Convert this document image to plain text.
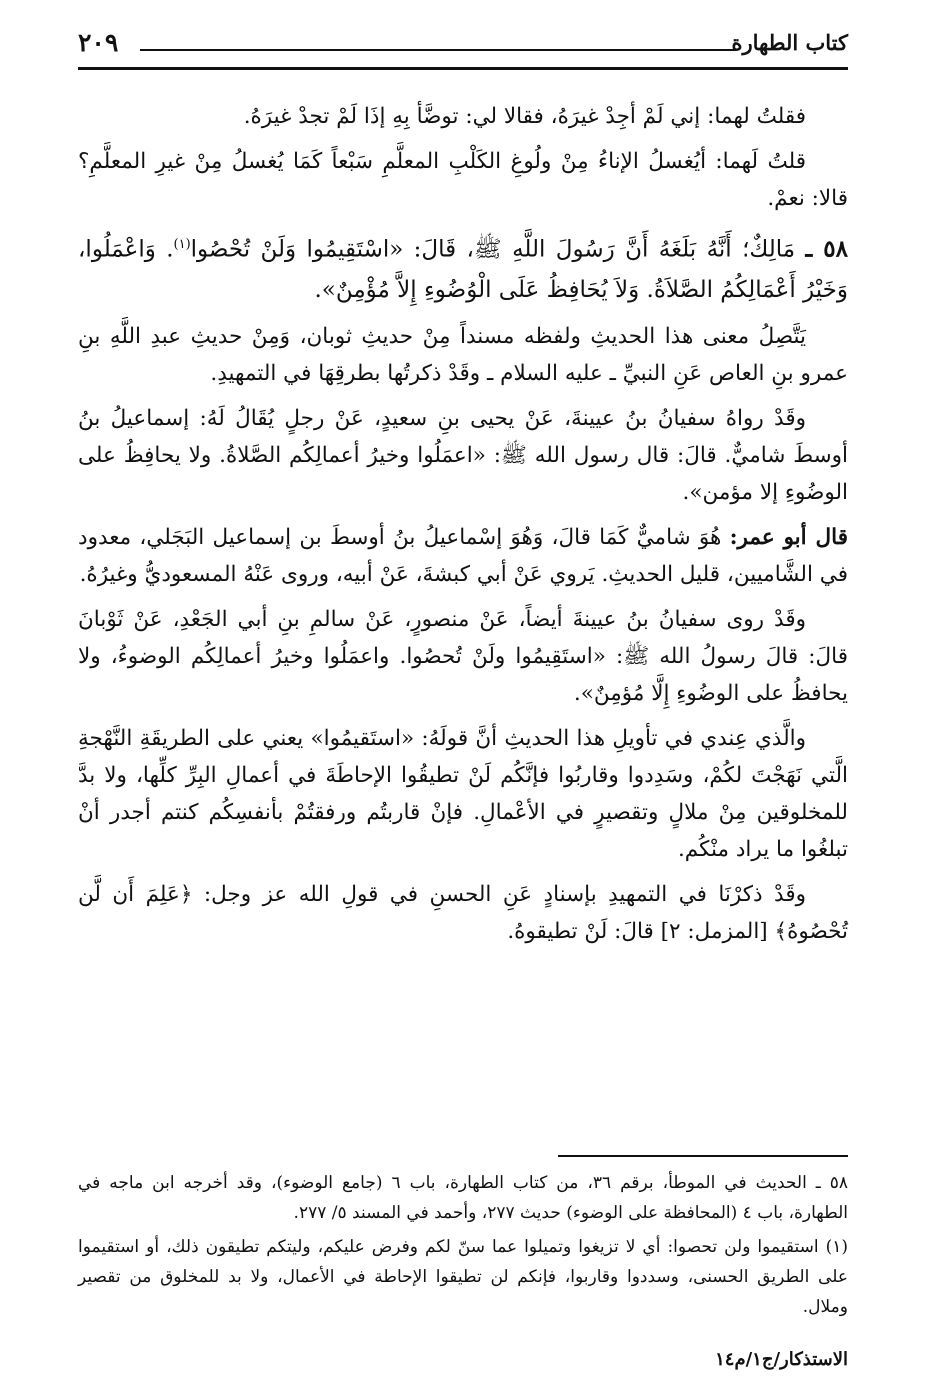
كتاب الطهارة
٢٠٩

فقلتُ لهما: إني لَمْ أجِدْ غيرَهُ، فقالا لي: توضَّأ بِهِ إذَا لَمْ تجدْ غيرَهُ.

قلتُ لَهما: أيُغسلُ الإناءُ مِنْ ولُوغِ الكَلْبِ المعلَّمِ سَبْعاً كَمَا يُغسلُ مِنْ غيرِ المعلَّمِ؟ قالا: نعمْ.

٥٨ ـ مَالِكٌ؛ أَنَّهُ بَلَغَهُ أَنَّ رَسُولَ اللَّهِ ﷺ، قَالَ: «اسْتَقِيمُوا وَلَنْ تُحْصُوا$^{(١)}$. وَاعْمَلُوا، وَخَيْرُ أَعْمَالِكُمُ الصَّلاَةُ. وَلاَ يُحَافِظُ عَلَى الْوُضُوءِ إِلاَّ مُؤْمِنٌ».

يَتَّصِلُ معنى هذا الحديثِ ولفظه مسنداً مِنْ حديثِ ثوبان، وَمِنْ حديثِ عبدِ اللَّهِ بنِ عمرو بنِ العاص عَنِ النبيِّ ـ عليه السلام ـ وقَدْ ذكرتُها بطرقِهَا في التمهيدِ.

وقَدْ رواهُ سفيانُ بنُ عيينةَ، عَنْ يحيى بنِ سعيدٍ، عَنْ رجلٍ يُقَالُ لَهُ: إسماعيلُ بنُ أوسطَ شاميٌّ. قالَ: قال رسول الله ﷺ: «اعمَلُوا وخيرُ أعمالِكُم الصَّلاةُ. ولا يحافِظُ على الوضُوءِ إلا مؤمن».

قال أبو عمر: هُوَ شاميٌّ كَمَا قالَ، وَهُوَ إسْماعيلُ بنُ أوسطَ بن إسماعيل البَجَلي، معدود في الشَّاميين، قليل الحديثِ. يَروي عَنْ أبي كبشةَ، عَنْ أبيه، وروى عَنْهُ المسعوديُّ وغيرُهُ.

وقَدْ روى سفيانُ بنُ عيينةَ أيضاً، عَنْ منصورٍ، عَنْ سالمِ بنِ أبي الجَعْدِ، عَنْ ثَوْبانَ قالَ: قالَ رسولُ الله ﷺ: «استَقِيمُوا ولَنْ تُحصُوا. واعمَلُوا وخيرُ أعمالِكُم الوضوءُ، ولا يحافظُ على الوضُوءِ إِلَّا مُؤمِنٌ».

والَّذي عِندي في تأويلِ هذا الحديثِ أنَّ قولَهُ: «استَقيمُوا» يعني على الطريقَةِ النَّهْجةِ الَّتي نَهَجْتَ لكُمْ، وسَدِدوا وقاربُوا فإنَّكُم لَنْ تطيقُوا الإحاطَةَ في أعمالِ البِرِّ كلِّها، ولا بدَّ للمخلوقين مِنْ ملالٍ وتقصيرٍ في الأعْمالِ. فإنْ قاربتُم ورفقتُمْ بأنفسِكُم كنتم أجدر أنْ تبلغُوا ما يراد منْكُم.

وقَدْ ذكرْنَا في التمهيدِ بإسنادٍ عَنِ الحسنِ في قولِ الله عز وجل: ﴿عَلِمَ أَن لَّن تُحْصُوهُ﴾ [المزمل: ٢] قالَ: لَنْ تطيقوهُ.

٥٨ ـ الحديث في الموطأ، برقم ٣٦، من كتاب الطهارة، باب ٦ (جامع الوضوء)، وقد أخرجه ابن ماجه في الطهارة، باب ٤ (المحافظة على الوضوء) حديث ٢٧٧، وأحمد في المسند ٥/ ٢٧٧.

(١) استقيموا ولن تحصوا: أي لا تزيغوا وتميلوا عما سنّ لكم وفرض عليكم، وليتكم تطيقون ذلك، أو استقيموا على الطريق الحسنى، وسددوا وقاربوا، فإنكم لن تطيقوا الإحاطة في الأعمال، ولا بد للمخلوق من تقصير وملال.

الاستذكار/ج١/م١٤
